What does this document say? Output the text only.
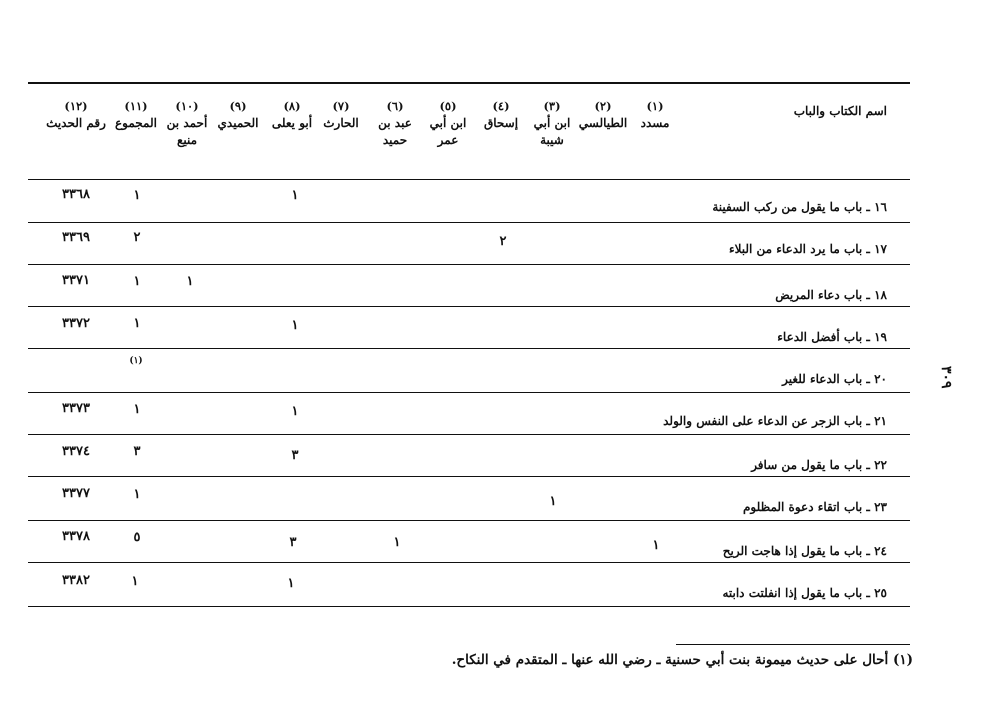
اسم الكتاب والباب
(١)
مسدد
(٢)
الطيالسي
(٣)
ابن أبي شيبة
(٤)
إسحاق
(٥)
ابن أبي عمر
(٦)
عبد بن حميد
(٧)
الحارث
(٨)
أبو يعلى
(٩)
الحميدي
(١٠)
أحمد بن منيع
(١١)
المجموع
(١٢)
رقم الحديث
١٦ ـ باب ما يقول من ركب السفينة
١
١
٣٣٦٨
١٧ ـ باب ما يرد الدعاء من البلاء
٢
٢
٣٣٦٩
١٨ ـ باب دعاء المريض
١
١
٣٣٧١
١٩ ـ باب أفضل الدعاء
١
١
٣٣٧٢
٢٠ ـ باب الدعاء للغير
(١)
٢١ ـ باب الزجر عن الدعاء على النفس والولد
١
١
٣٣٧٣
٢٢ ـ باب ما يقول من سافر
٣
٣
٣٣٧٤
٢٣ ـ باب اتقاء دعوة المظلوم
١
١
٣٣٧٧
٢٤ ـ باب ما يقول إذا هاجت الريح
١
١
٣
٥
٣٣٧٨
٢٥ ـ باب ما يقول إذا انفلتت دابته
١
١
٣٣٨٢
٣٠٩
(١) أحال على حديث ميمونة بنت أبي حسنية ـ رضي الله عنها ـ المتقدم في النكاح.
